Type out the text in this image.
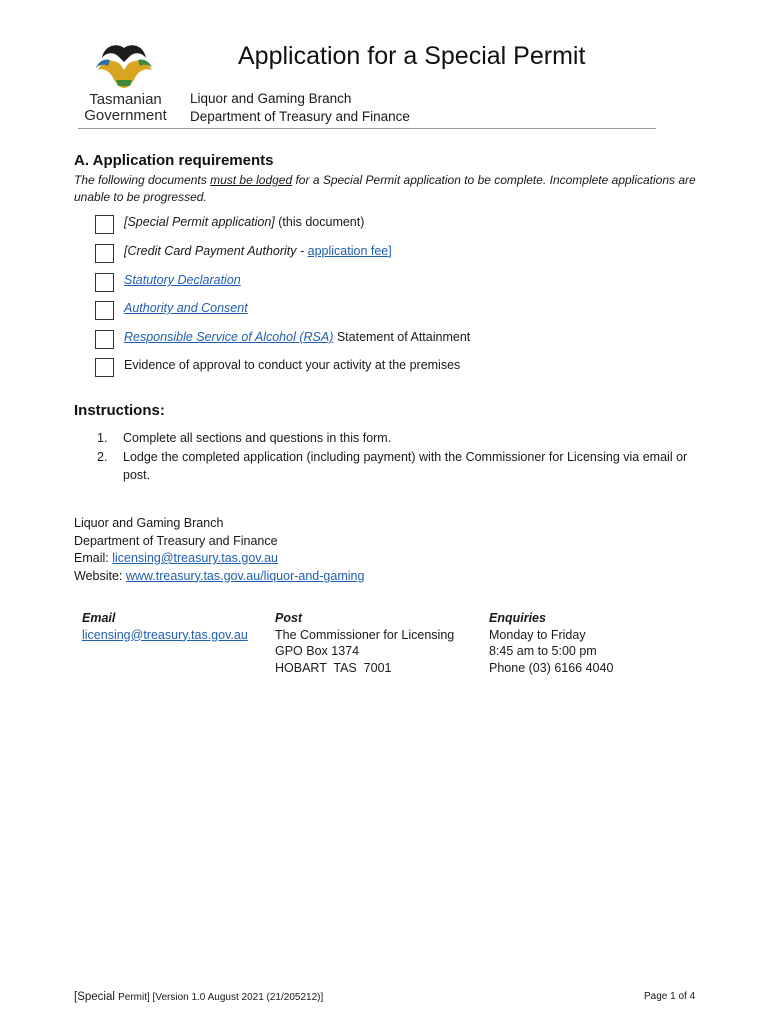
Tasmanian
Government
Application for a Special Permit
Liquor and Gaming Branch
Department of Treasury and Finance
A. Application requirements
The following documents must be lodged for a Special Permit application to be complete. Incomplete applications are unable to be progressed.
[Special Permit application] (this document)
[Credit Card Payment Authority - application fee]
Statutory Declaration
Authority and Consent
Responsible Service of Alcohol (RSA) Statement of Attainment
Evidence of approval to conduct your activity at the premises
Instructions:
1. Complete all sections and questions in this form.
2. Lodge the completed application (including payment) with the Commissioner for Licensing via email or post.
Liquor and Gaming Branch
Department of Treasury and Finance
Email: licensing@treasury.tas.gov.au
Website: www.treasury.tas.gov.au/liquor-and-gaming
Email
licensing@treasury.tas.gov.au
Post
The Commissioner for Licensing
GPO Box 1374
HOBART  TAS  7001
Enquiries
Monday to Friday
8:45 am to 5:00 pm
Phone (03) 6166 4040
[Special Permit] [Version 1.0 August 2021 (21/205212)]	Page 1 of 4
